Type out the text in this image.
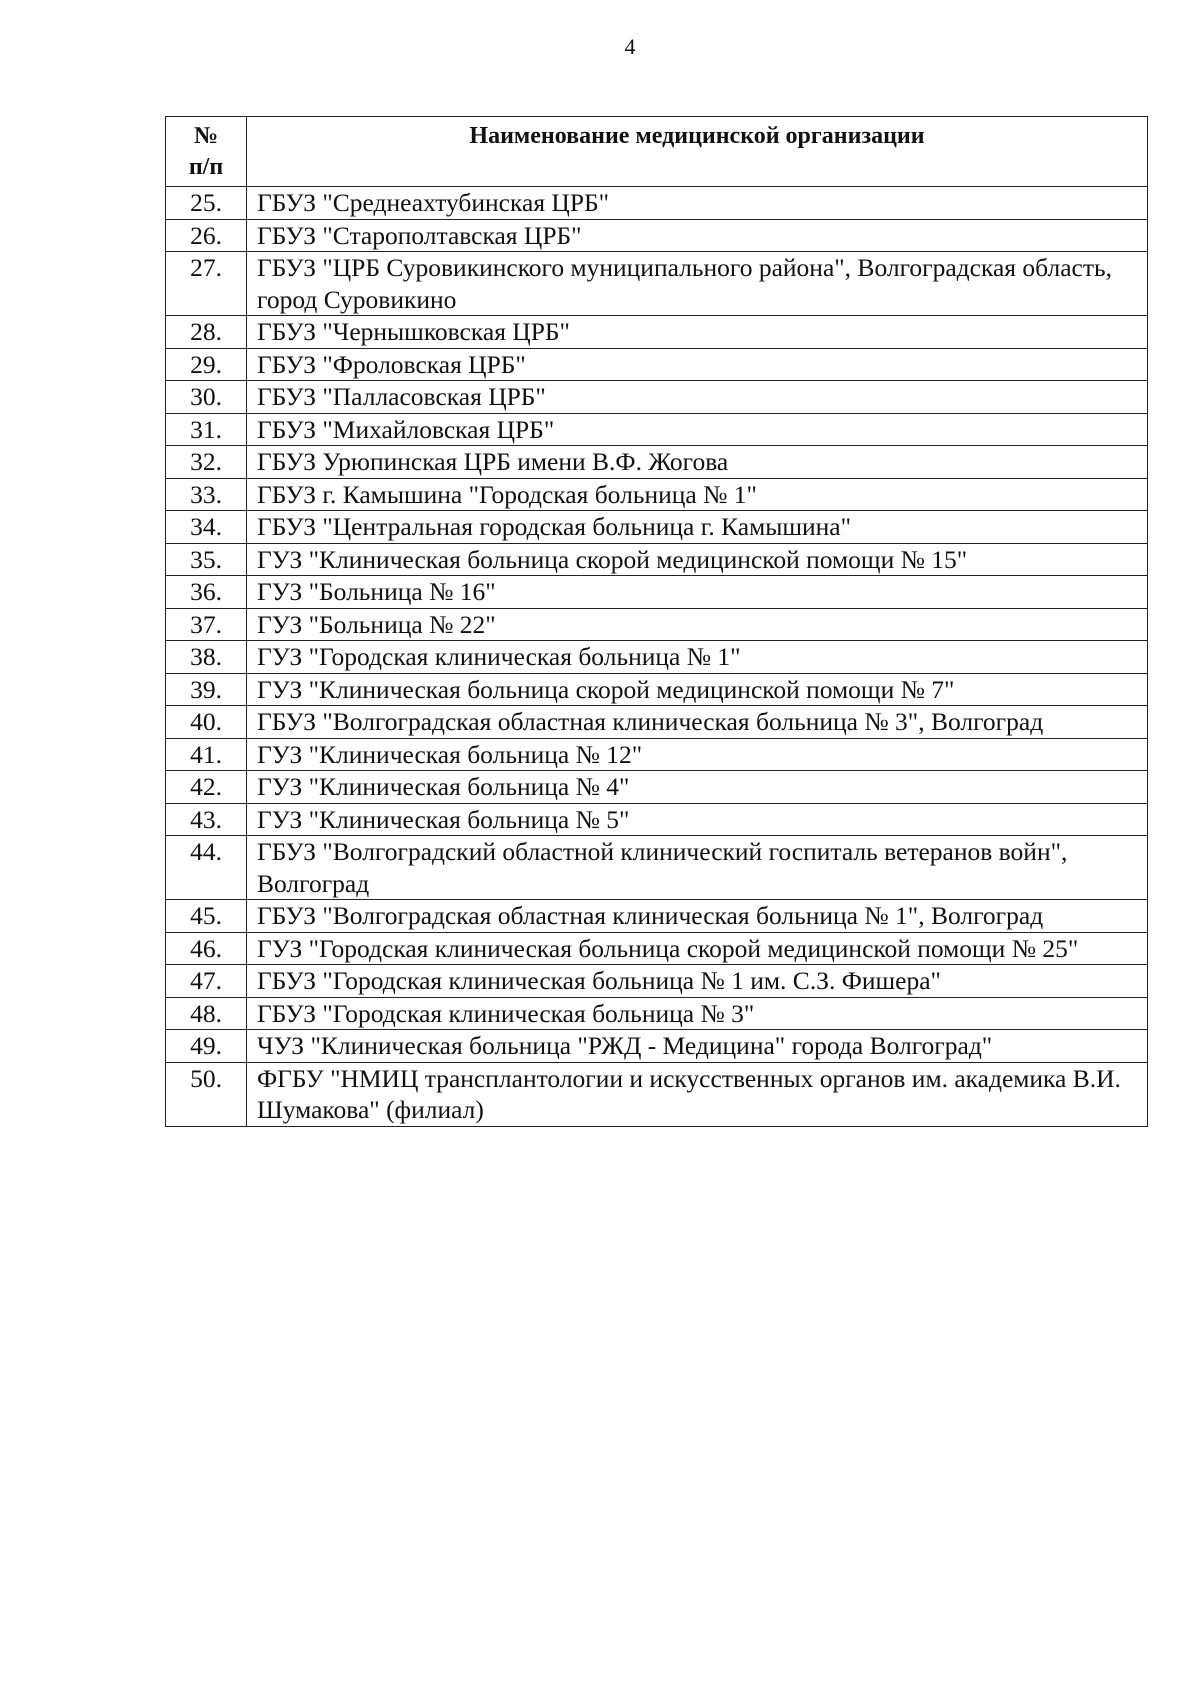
4
№ п/п	Наименование медицинской организации
25.	ГБУЗ "Среднеахтубинская ЦРБ"
26.	ГБУЗ "Старополтавская ЦРБ"
27.	ГБУЗ "ЦРБ Суровикинского муниципального района", Волгоградская область, город Суровикино
28.	ГБУЗ "Чернышковская ЦРБ"
29.	ГБУЗ "Фроловская ЦРБ"
30.	ГБУЗ "Палласовская ЦРБ"
31.	ГБУЗ "Михайловская ЦРБ"
32.	ГБУЗ Урюпинская ЦРБ имени В.Ф. Жогова
33.	ГБУЗ г. Камышина "Городская больница № 1"
34.	ГБУЗ "Центральная городская больница г. Камышина"
35.	ГУЗ "Клиническая больница скорой медицинской помощи № 15"
36.	ГУЗ "Больница № 16"
37.	ГУЗ "Больница № 22"
38.	ГУЗ "Городская клиническая больница № 1"
39.	ГУЗ "Клиническая больница скорой медицинской помощи № 7"
40.	ГБУЗ "Волгоградская областная клиническая больница № 3", Волгоград
41.	ГУЗ "Клиническая больница № 12"
42.	ГУЗ "Клиническая больница № 4"
43.	ГУЗ "Клиническая больница № 5"
44.	ГБУЗ "Волгоградский областной клинический госпиталь ветеранов войн", Волгоград
45.	ГБУЗ "Волгоградская областная клиническая больница № 1", Волгоград
46.	ГУЗ "Городская клиническая больница скорой медицинской помощи № 25"
47.	ГБУЗ "Городская клиническая больница № 1 им. С.З. Фишера"
48.	ГБУЗ "Городская клиническая больница № 3"
49.	ЧУЗ "Клиническая больница "РЖД - Медицина" города Волгоград"
50.	ФГБУ "НМИЦ трансплантологии и искусственных органов им. академика В.И. Шумакова" (филиал)
